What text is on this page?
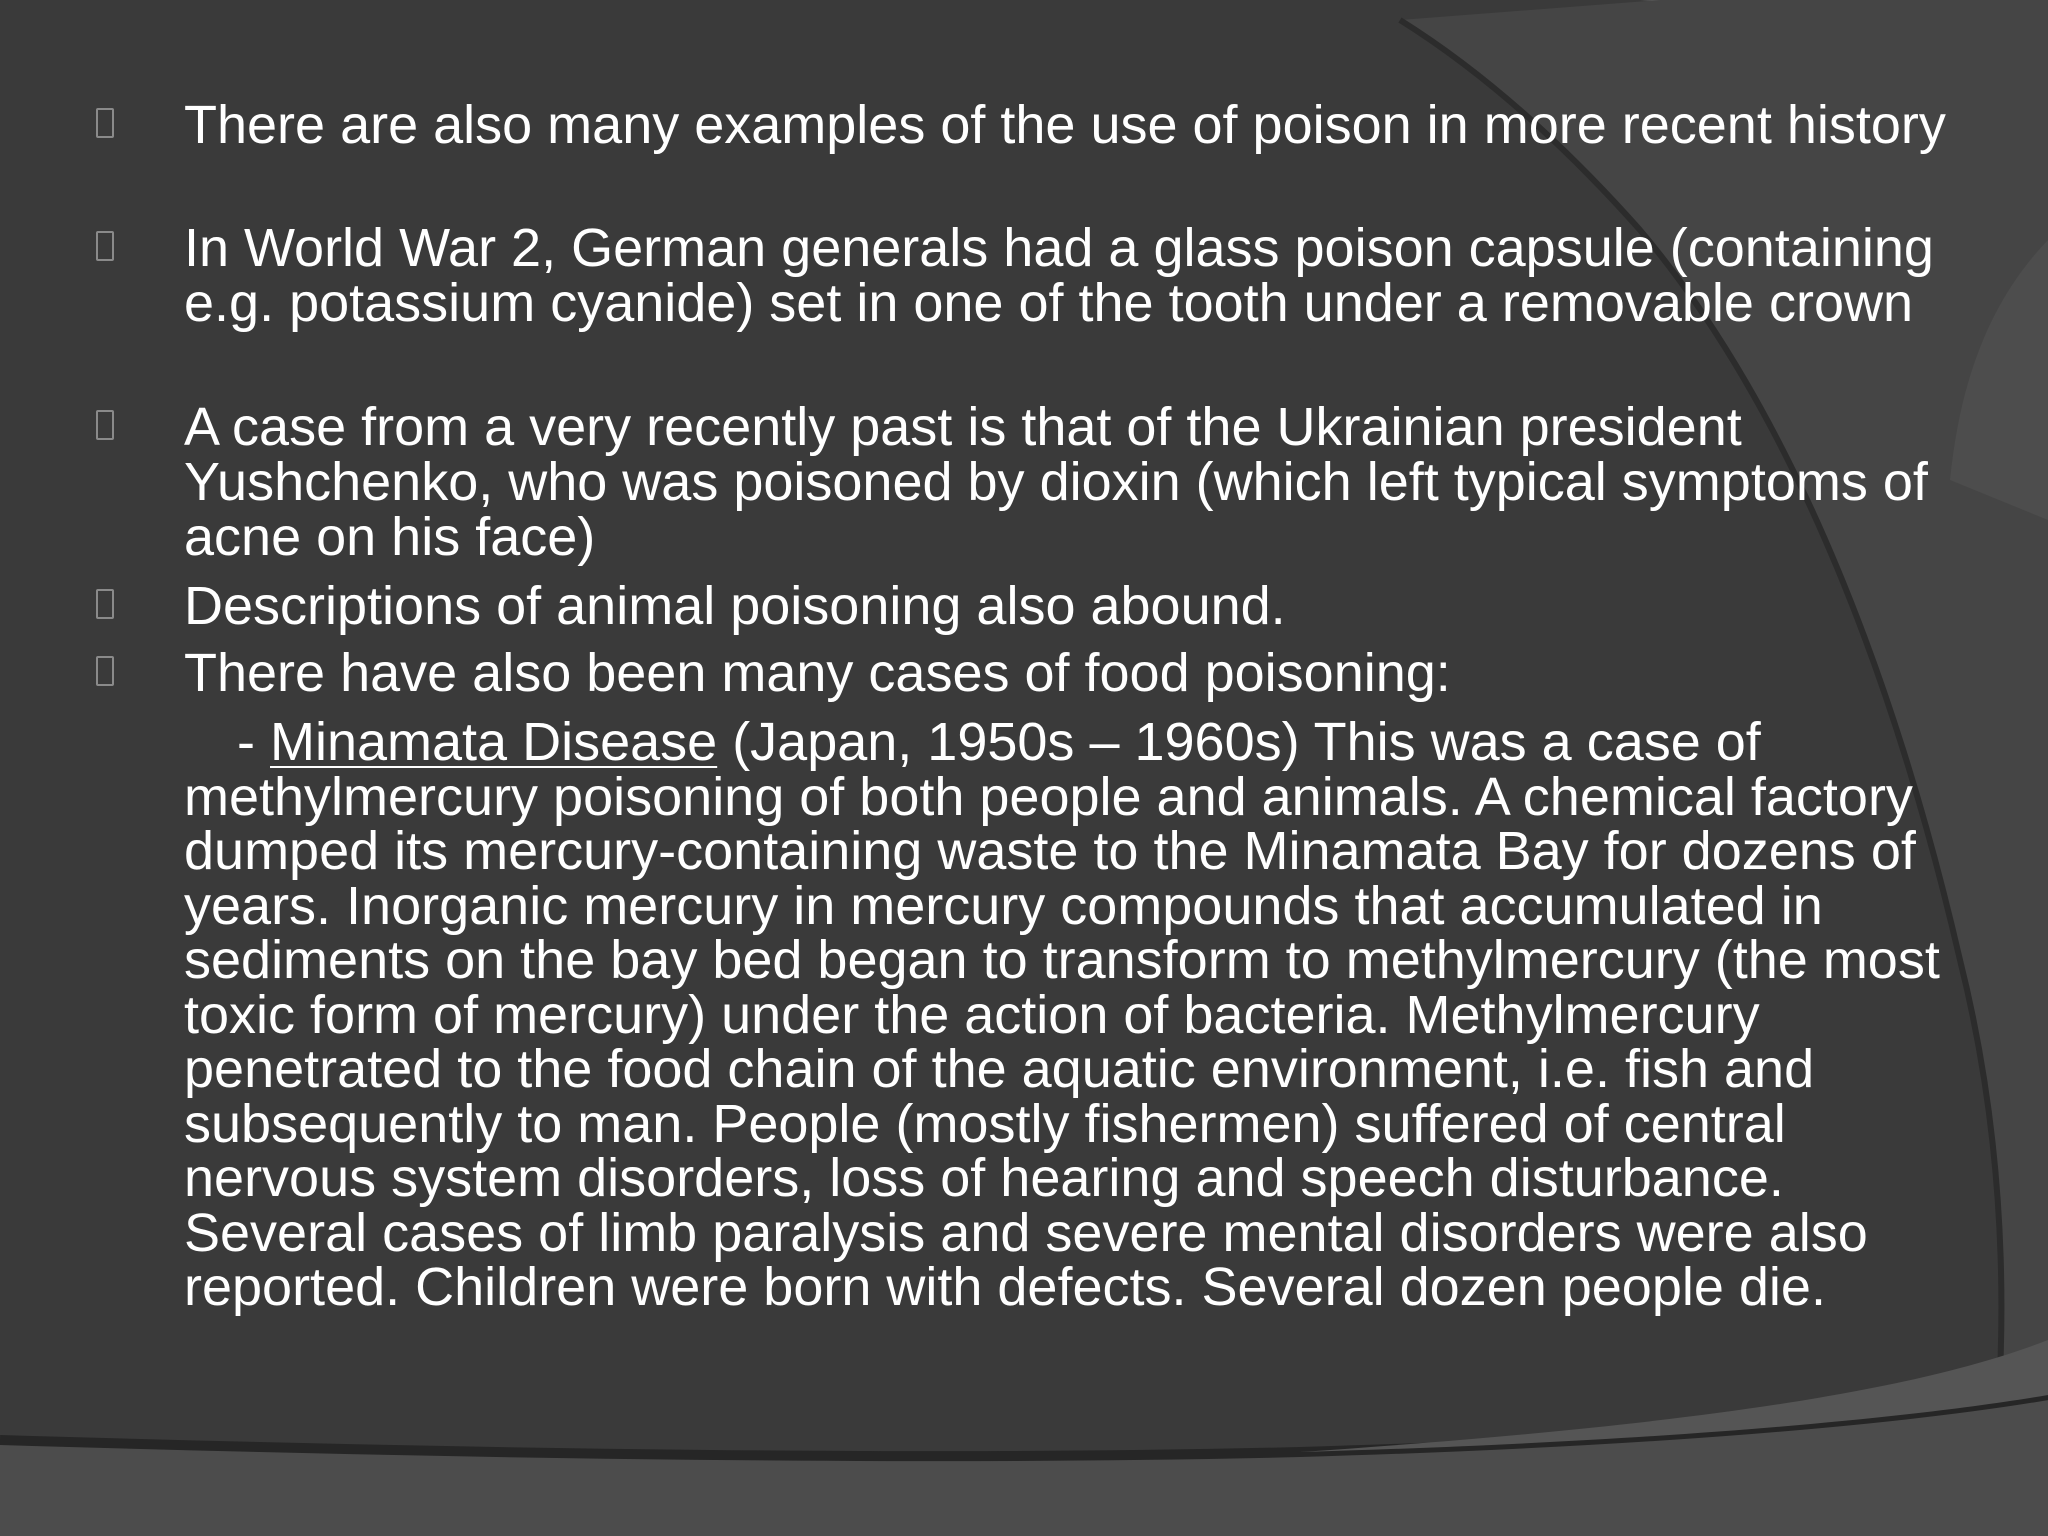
There are also many examples of the use of poison in more recent history

In World War 2, German generals had a glass poison capsule (containing e.g. potassium cyanide) set in one of the tooth under a removable crown

A case from a very recently past is that of the Ukrainian president Yushchenko, who was poisoned by dioxin (which left typical symptoms of acne on his face)

Descriptions of animal poisoning also abound.

There have also been many cases of food poisoning:

- Minamata Disease (Japan, 1950s – 1960s) This was a case of methylmercury poisoning of both people and animals. A chemical factory dumped its mercury-containing waste to the Minamata Bay for dozens of years. Inorganic mercury in mercury compounds that accumulated in sediments on the bay bed began to transform to methylmercury (the most toxic form of mercury) under the action of bacteria. Methylmercury penetrated to the food chain of the aquatic environment, i.e. fish and subsequently to man. People (mostly fishermen) suffered of central nervous system disorders, loss of hearing and speech disturbance. Several cases of limb paralysis and severe mental disorders were also reported. Children were born with defects. Several dozen people die.
